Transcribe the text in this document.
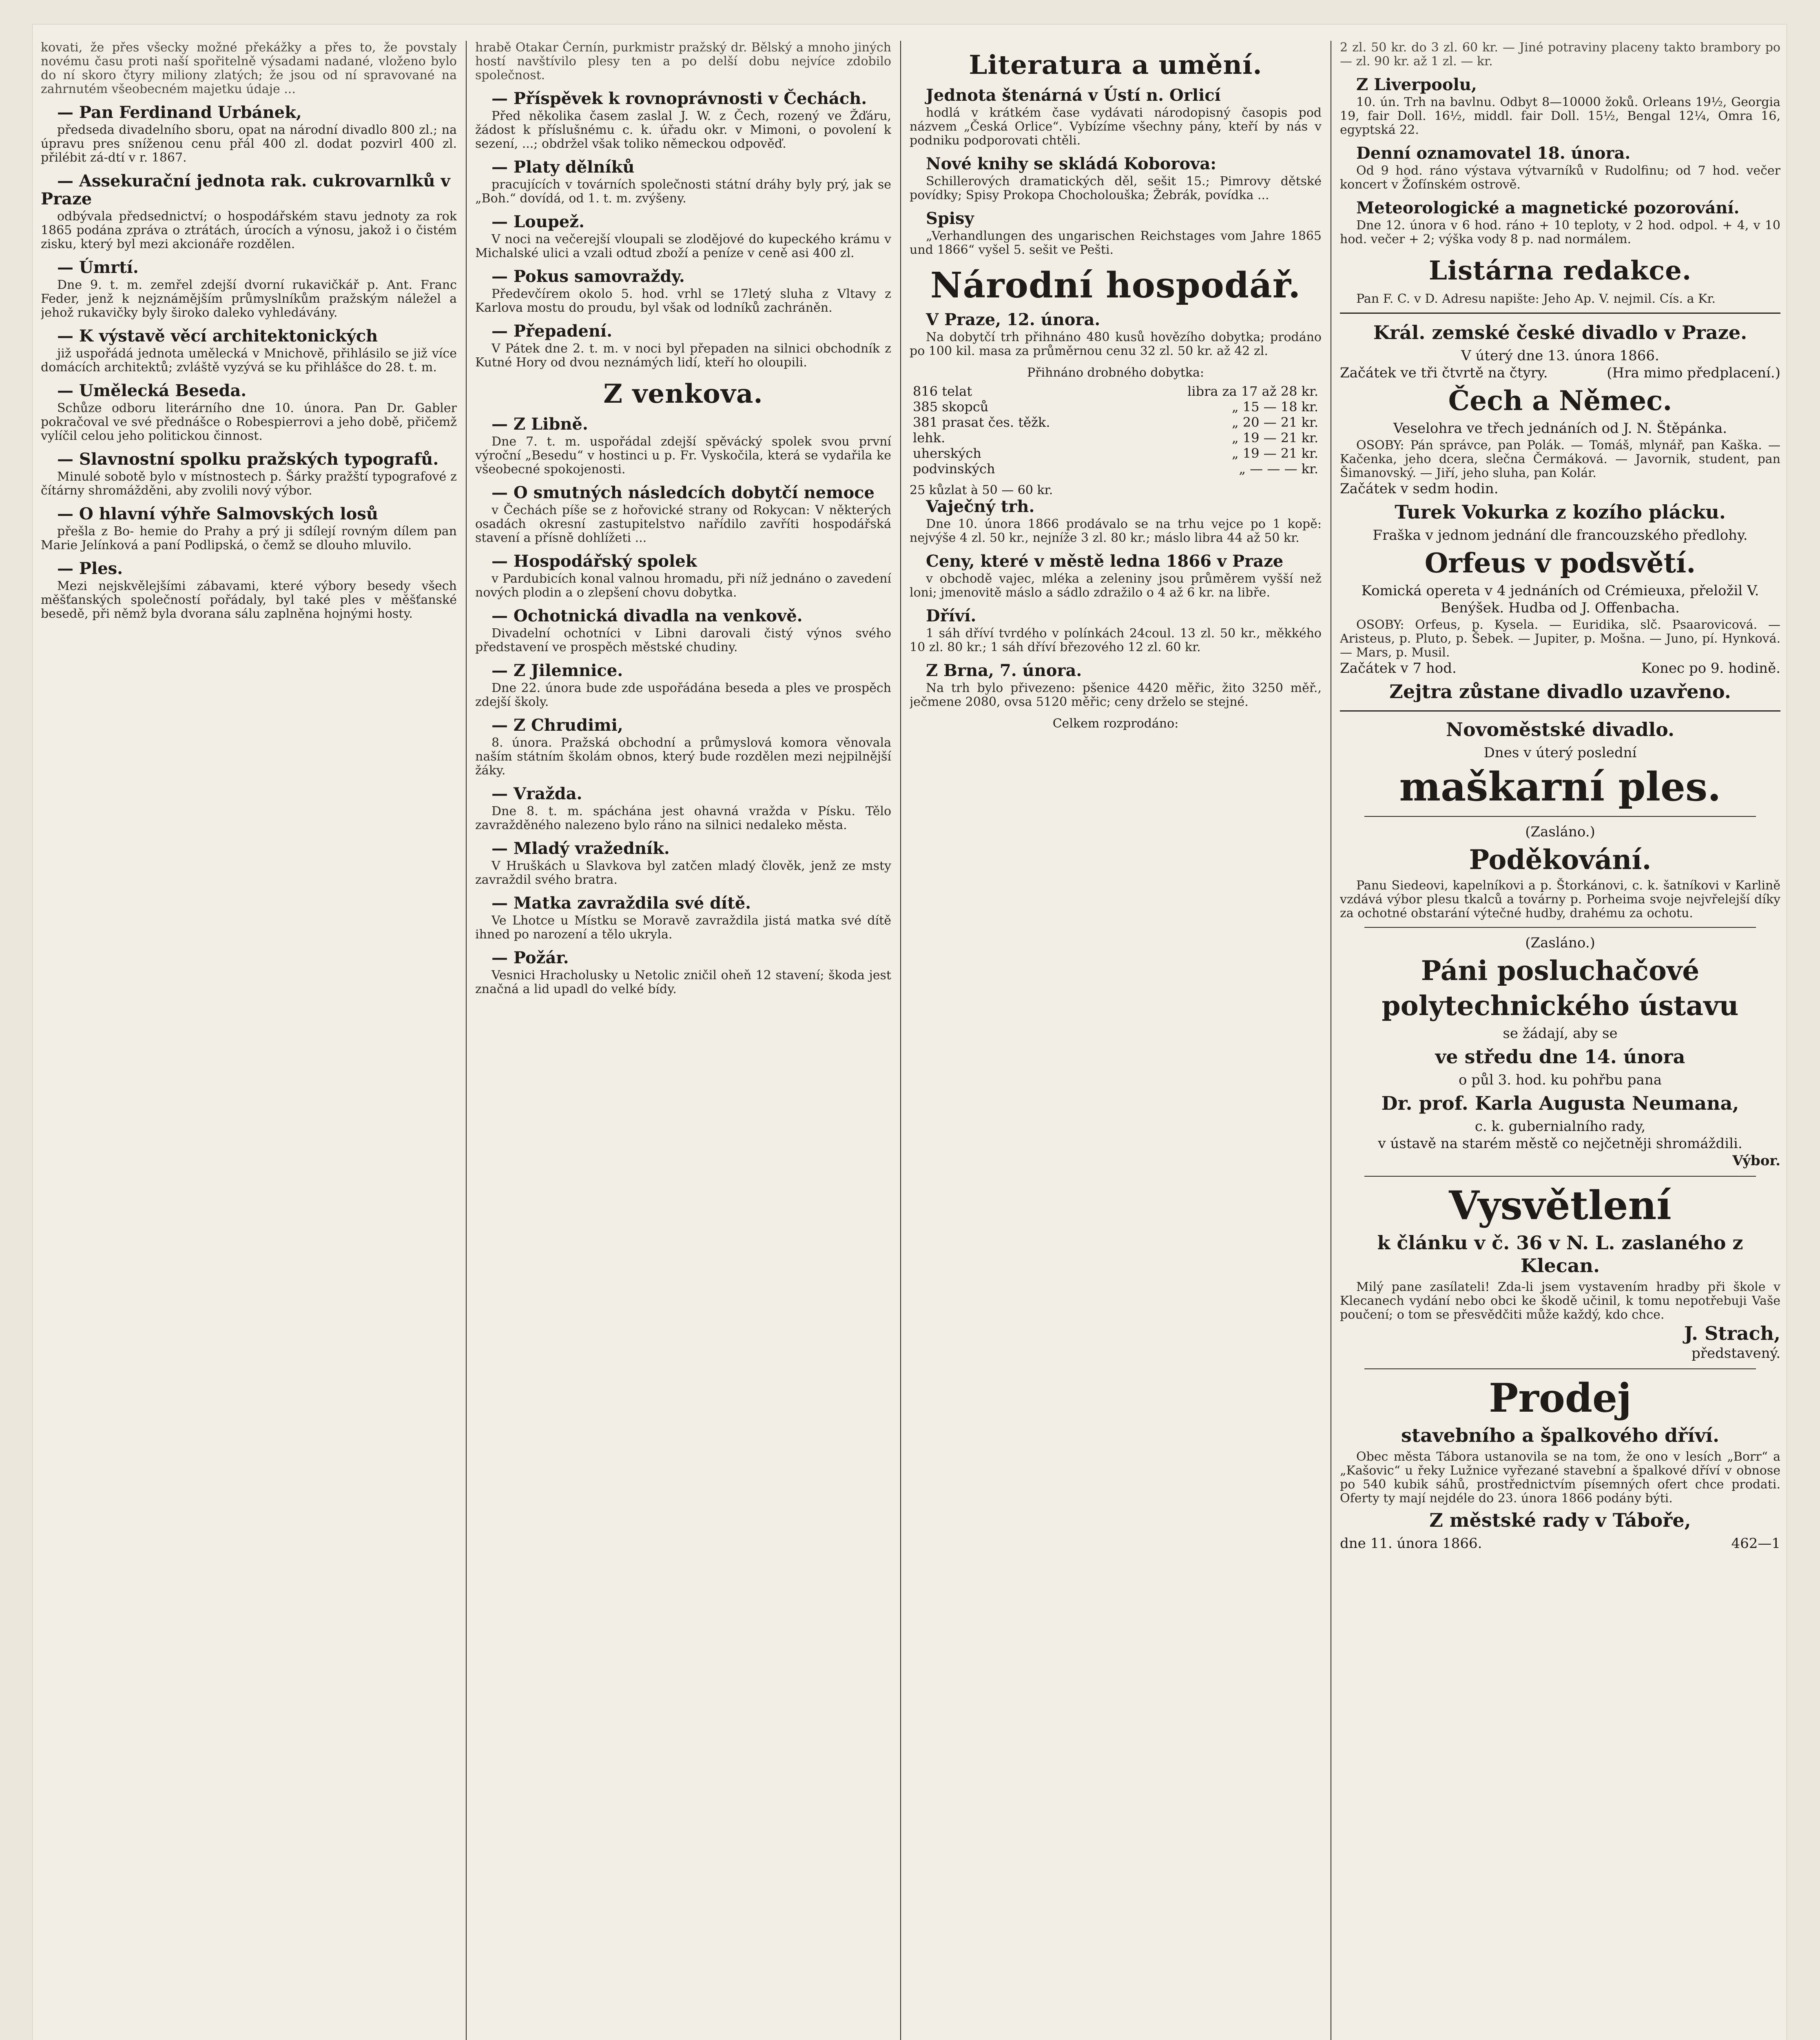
kovati, že přes všecky možné překážky a přes to, že povstaly novému času proti naší spořitelně výsadami nadané, vloženo bylo do ní skoro čtyry miliony zlatých; že jsou od ní spravované na zahrnutém všeobecném majetku údaje ...

— Pan Ferdinand Urbánek,

předseda divadelního sboru, opat na národní divadlo 800 zl.; na úpravu pres sníženou cenu přál 400 zl. dodat pozvirl 400 zl. přilébit zá-dtí v r. 1867.

— Assekurační jednota rak. cukrovarnlků v Praze

odbývala předsednictví; o hospodářském stavu jednoty za rok 1865 podána zpráva o ztrátách, úrocích a výnosu, jakož i o čistém zisku, který byl mezi akcionáře rozdělen.

— Úmrtí.

Dne 9. t. m. zemřel zdejší dvorní rukavičkář p. Ant. Franc Feder, jenž k nejznámějším průmyslníkům pražským náležel a jehož rukavičky byly široko daleko vyhledávány.

— K výstavě věcí architektonických

již uspořádá jednota umělecká v Mnichově, přihlásilo se již více domácích architektů; zvláště vyzývá se ku přihlášce do 28. t. m.

— Umělecká Beseda.

Schůze odboru literárního dne 10. února. Pan Dr. Gabler pokračoval ve své přednášce o Robespierrovi a jeho době, přičemž vylíčil celou jeho politickou činnost.

— Slavnostní spolku pražských typografů.

Minulé sobotě bylo v místnostech p. Šárky pražští typografové z čítárny shromážděni, aby zvolili nový výbor.

— O hlavní výhře Salmovských losů

přešla z Bo- hemie do Prahy a prý ji sdílejí rovným dílem pan Marie Jelínková a paní Podlipská, o čemž se dlouho mluvilo.

— Ples.

Mezi nejskvělejšími zábavami, které výbory besedy všech měšťanských společností pořádaly, byl také ples v měšťanské besedě, při němž byla dvorana sálu zaplněna hojnými hosty.

hrabě Otakar Černín, purkmistr pražský dr. Bělský a mnoho jiných hostí navštívilo plesy ten a po delší dobu nejvíce zdobilo společnost.

— Příspěvek k rovnoprávnosti v Čechách.

Před několika časem zaslal J. W. z Čech, rozený ve Žďáru, žádost k příslušnému c. k. úřadu okr. v Mimoni, o povolení k sezení, ...; obdržel však toliko německou odpověď.

— Platy dělníků

pracujících v továrních společnosti státní dráhy byly prý, jak se „Boh.“ dovídá, od 1. t. m. zvýšeny.

— Loupež.

V noci na večerejší vloupali se zlodějové do kupeckého krámu v Michalské ulici a vzali odtud zboží a peníze v ceně asi 400 zl.

— Pokus samovraždy.

Předevčírem okolo 5. hod. vrhl se 17letý sluha z Vltavy z Karlova mostu do proudu, byl však od lodníků zachráněn.

— Přepadení.

V Pátek dne 2. t. m. v noci byl přepaden na silnici obchodník z Kutné Hory od dvou neznámých lidí, kteří ho oloupili.

Z venkova.
— Z Libně.

Dne 7. t. m. uspořádal zdejší spěvácký spolek svou první výroční „Besedu“ v hostinci u p. Fr. Vyskočila, která se vydařila ke všeobecné spokojenosti.

— O smutných následcích dobytčí nemoce

v Čechách píše se z hořovické strany od Rokycan: V některých osadách okresní zastupitelstvo nařídilo zavříti hospodářská stavení a přísně dohlížeti ...

— Hospodářský spolek

v Pardubicích konal valnou hromadu, při níž jednáno o zavedení nových plodin a o zlepšení chovu dobytka.

— Ochotnická divadla na venkově.

Divadelní ochotníci v Libni darovali čistý výnos svého představení ve prospěch městské chudiny.

— Z Jilemnice.

Dne 22. února bude zde uspořádána beseda a ples ve prospěch zdejší školy.

— Z Chrudimi,

8. února. Pražská obchodní a průmyslová komora věnovala naším státním školám obnos, který bude rozdělen mezi nejpilnější žáky.

— Vražda.

Dne 8. t. m. spáchána jest ohavná vražda v Písku. Tělo zavražděného nalezeno bylo ráno na silnici nedaleko města.

— Mladý vražedník.

V Hruškách u Slavkova byl zatčen mladý člověk, jenž ze msty zavraždil svého bratra.

— Matka zavraždila své dítě.

Ve Lhotce u Místku se Moravě zavraždila jistá matka své dítě ihned po narození a tělo ukryla.

— Požár.

Vesnici Hracholusky u Netolic zničil oheň 12 stavení; škoda jest značná a lid upadl do velké bídy.

Literatura a umění.
Jednota štenárná v Ústí n. Orlicí

hodlá v krátkém čase vydávati národopisný časopis pod názvem „Česká Orlice“. Vybízíme všechny pány, kteří by nás v podniku podporovati chtěli.

Nové knihy se skládá Koborova:

Schillerových dramatických děl, sešit 15.; Pimrovy dětské povídky; Spisy Prokopa Chocholouška; Žebrák, povídka ...

Spisy

„Verhandlungen des ungarischen Reichstages vom Jahre 1865 und 1866“ vyšel 5. sešit ve Pešti.

Národní hospodář.
V Praze, 12. února.

Na dobytčí trh přihnáno 480 kusů hovězího dobytka; prodáno po 100 kil. masa za průměrnou cenu 32 zl. 50 kr. až 42 zl.

Přihnáno drobného dobytka:
816 telat	libra za 17 až 28 kr.
385 skopců	„ 15 — 18 kr.
381 prasat čes. těžk.	„ 20 — 21 kr.
lehk.	„ 19 — 21 kr.
uherských	„ 19 — 21 kr.
podvinských	„ — — — kr.
25 kůzlat à 50 — 60 kr.
Vaječný trh.

Dne 10. února 1866 prodávalo se na trhu vejce po 1 kopě: nejvýše 4 zl. 50 kr., nejníže 3 zl. 80 kr.; máslo libra 44 až 50 kr.

Ceny, které v městě ledna 1866 v Praze

v obchodě vajec, mléka a zeleniny jsou průměrem vyšší než loni; jmenovitě máslo a sádlo zdražilo o 4 až 6 kr. na libře.

Dříví.

1 sáh dříví tvrdého v polínkách 24coul. 13 zl. 50 kr., měkkého 10 zl. 80 kr.; 1 sáh dříví březového 12 zl. 60 kr.

Z Brna, 7. února.

Na trh bylo přivezeno: pšenice 4420 měřic, žito 3250 měř., ječmene 2080, ovsa 5120 měřic; ceny drželo se stejné.

Celkem rozprodáno:

2 zl. 50 kr. do 3 zl. 60 kr. — Jiné potraviny placeny takto brambory po — zl. 90 kr. až 1 zl. — kr.

Z Liverpoolu,

10. ún. Trh na bavlnu. Odbyt 8—10000 žoků. Orleans 19½, Georgia 19, fair Doll. 16½, middl. fair Doll. 15½, Bengal 12¼, Omra 16, egyptská 22.

Denní oznamovatel 18. února.

Od 9 hod. ráno výstava výtvarníků v Rudolfinu; od 7 hod. večer koncert v Žofínském ostrově.

Meteorologické a magnetické pozorování.

Dne 12. února v 6 hod. ráno + 10 teploty, v 2 hod. odpol. + 4, v 10 hod. večer + 2; výška vody 8 p. nad normálem.

Listárna redakce.

Pan F. C. v D. Adresu napište: Jeho Ap. V. nejmil. Cís. a Kr.

Král. zemské české divadlo v Praze.
V úterý dne 13. února 1866.
Začátek ve tři čtvrtě na čtyry.	(Hra mimo předplacení.)
Čech a Němec.
Veselohra ve třech jednáních od J. N. Štěpánka.

OSOBY: Pán správce, pan Polák. — Tomáš, mlynář, pan Kaška. — Kačenka, jeho dcera, slečna Čermáková. — Javornik, student, pan Šimanovský. — Jiří, jeho sluha, pan Kolár.

Začátek v sedm hodin.
Turek Vokurka z kozího plácku.
Fraška v jednom jednání dle francouzského předlohy.
Orfeus v podsvětí.
Komická opereta v 4 jednáních od Crémieuxa, přeložil V. Benýšek. Hudba od J. Offenbacha.

OSOBY: Orfeus, p. Kysela. — Euridika, slč. Psaarovicová. — Aristeus, p. Pluto, p. Šebek. — Jupiter, p. Mošna. — Juno, pí. Hynková. — Mars, p. Musil.

Začátek v 7 hod.	Konec po 9. hodině.
Zejtra zůstane divadlo uzavřeno.
Novoměstské divadlo.
Dnes v úterý poslední
maškarní ples.
(Zasláno.)
Poděkování.

Panu Siedeovi, kapelníkovi a p. Štorkánovi, c. k. šatníkovi v Karlině vzdává výbor plesu tkalců a továrny p. Porheima svoje nejvřelejší díky za ochotné obstarání výtečné hudby, drahému za ochotu.

(Zasláno.)
Páni posluchačové
polytechnického ústavu
se žádají, aby se
ve středu dne 14. února
o půl 3. hod. ku pohřbu pana
Dr. prof. Karla Augusta Neumana,
c. k. gubernialního rady,
v ústavě na starém městě co nejčetněji shromáždili.
Výbor.
Vysvětlení
k článku v č. 36 v N. L. zaslaného z Klecan.

Milý pane zasílateli! Zda-li jsem vystavením hradby při škole v Klecanech vydání nebo obci ke škodě učinil, k tomu nepotřebuji Vaše poučení; o tom se přesvědčiti může každý, kdo chce.

J. Strach,
představený.
Prodej
stavebního a špalkového dříví.

Obec města Tábora ustanovila se na tom, že ono v lesích „Borr“ a „Kašovic“ u řeky Lužnice vyřezané stavební a špalkové dříví v obnose po 540 kubik sáhů, prostřednictvím písemných ofert chce prodati. Oferty ty mají nejdéle do 23. února 1866 podány býti.

Z městské rady v Táboře,
dne 11. února 1866.	462—1
